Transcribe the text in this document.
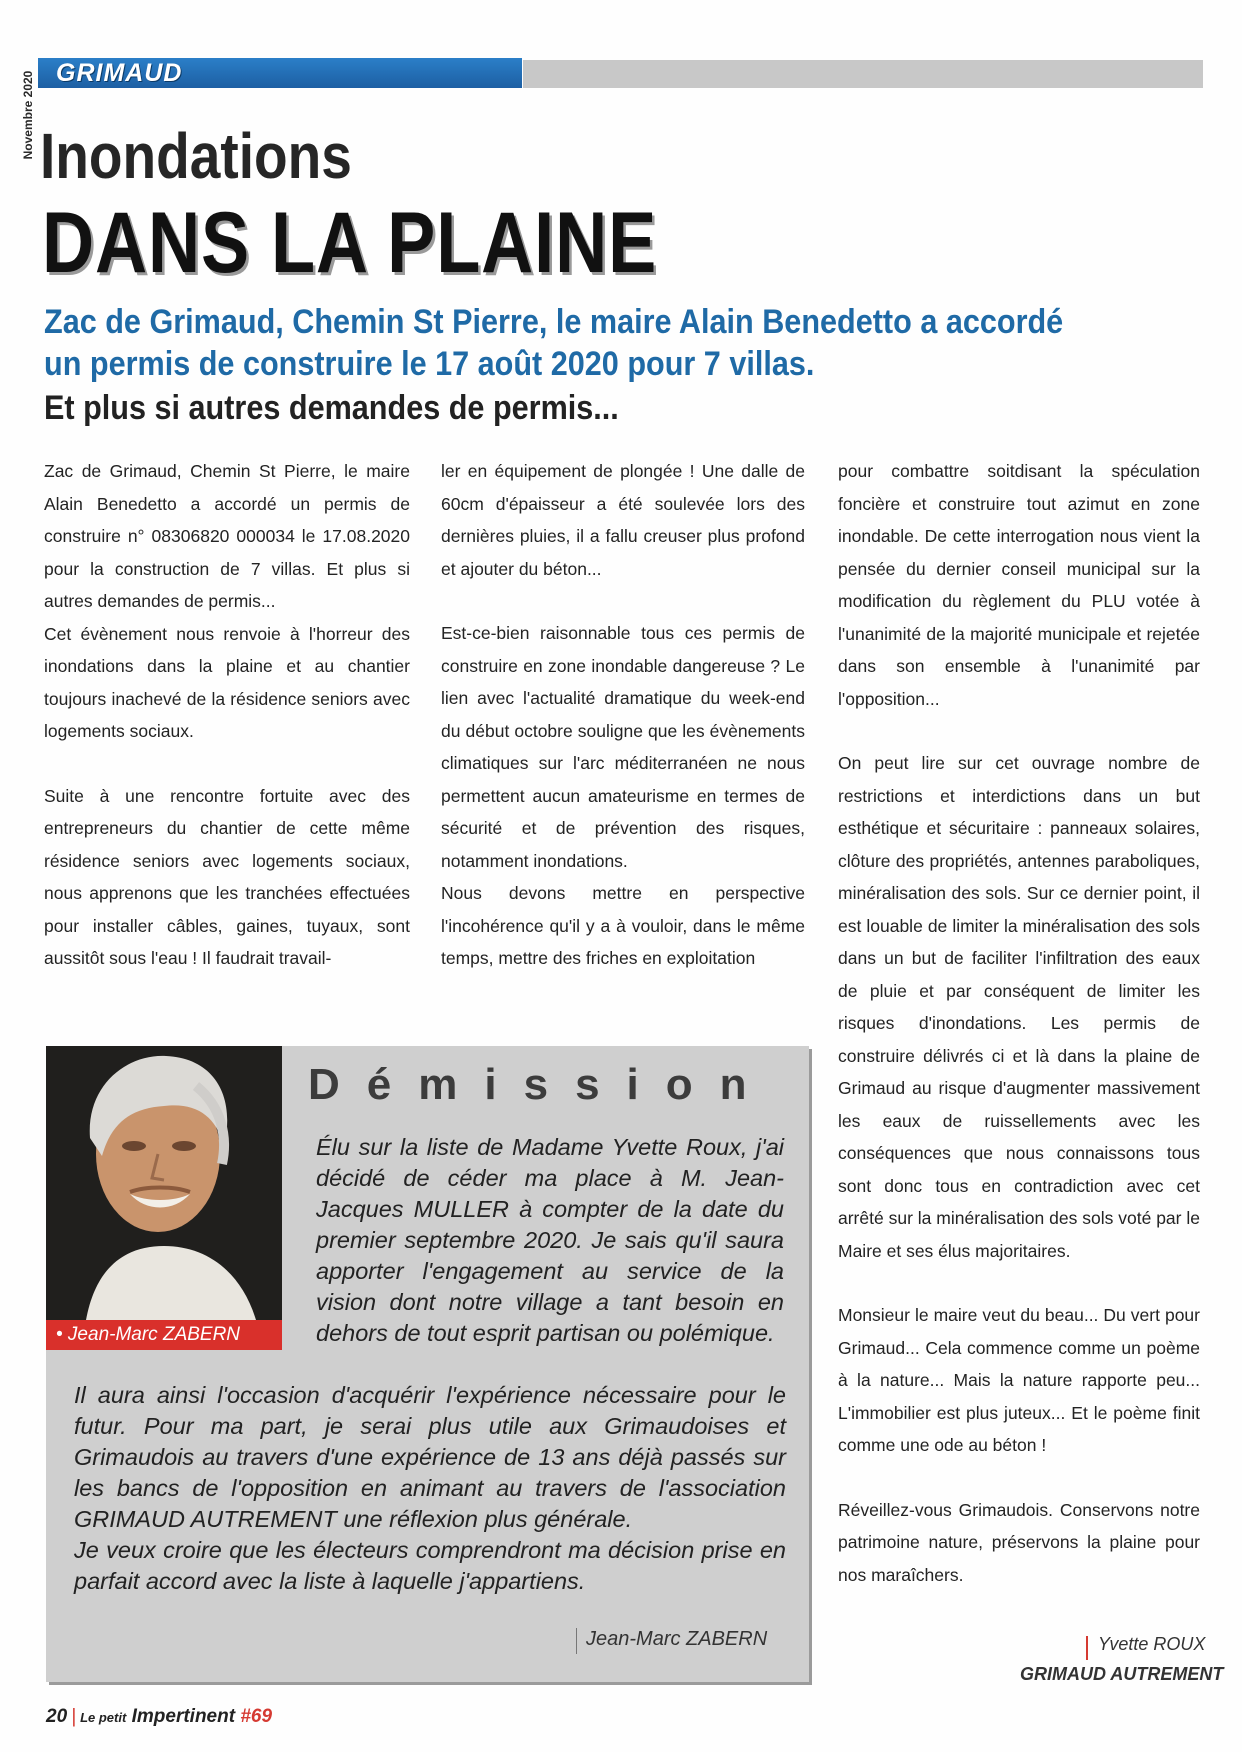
Novembre 2020 GRIMAUD
Inondations
DANS LA PLAINE
Zac de Grimaud, Chemin St Pierre, le maire Alain Benedetto a accordé
un permis de construire le 17 août 2020 pour 7 villas.
Et plus si autres demandes de permis...

Zac de Grimaud, Chemin St Pierre, le maire Alain Benedetto a accordé un permis de construire n° 08306820 000034 le 17.08.2020 pour la construction de 7 villas. Et plus si autres demandes de permis...

Cet évènement nous renvoie à l'horreur des inondations dans la plaine et au chantier toujours inachevé de la résidence seniors avec logements sociaux.

Suite à une rencontre fortuite avec des entrepreneurs du chantier de cette même résidence seniors avec logements sociaux, nous apprenons que les tranchées effectuées pour installer câbles, gaines, tuyaux, sont aussitôt sous l'eau ! Il faudrait travail-

ler en équipement de plongée ! Une dalle de 60cm d'épaisseur a été soulevée lors des dernières pluies, il a fallu creuser plus profond et ajouter du béton...

Est-ce-bien raisonnable tous ces permis de construire en zone inondable dangereuse ? Le lien avec l'actualité dramatique du week-end du début octobre souligne que les évènements climatiques sur l'arc méditerranéen ne nous permettent aucun amateurisme en termes de sécurité et de prévention des risques, notamment inondations.

Nous devons mettre en perspective l'incohérence qu'il y a à vouloir, dans le même temps, mettre des friches en exploitation

pour combattre soitdisant la spéculation foncière et construire tout azimut en zone inondable. De cette interrogation nous vient la pensée du dernier conseil municipal sur la modification du règlement du PLU votée à l'unanimité de la majorité municipale et rejetée dans son ensemble à l'unanimité par l'opposition...

On peut lire sur cet ouvrage nombre de restrictions et interdictions dans un but esthétique et sécuritaire : panneaux solaires, clôture des propriétés, antennes paraboliques, minéralisation des sols. Sur ce dernier point, il est louable de limiter la minéralisation des sols dans un but de faciliter l'infiltration des eaux de pluie et par conséquent de limiter les risques d'inondations. Les permis de construire délivrés ci et là dans la plaine de Grimaud au risque d'augmenter massivement les eaux de ruissellements avec les conséquences que nous connaissons tous sont donc tous en contradiction avec cet arrêté sur la minéralisation des sols voté par le Maire et ses élus majoritaires.

Monsieur le maire veut du beau... Du vert pour Grimaud... Cela commence comme un poème à la nature... Mais la nature rapporte peu... L'immobilier est plus juteux... Et le poème finit comme une ode au béton !

Réveillez-vous Grimaudois. Conservons notre patrimoine nature, préservons la plaine pour nos maraîchers.

• Jean-Marc ZABERN
Démission

Élu sur la liste de Madame Yvette Roux, j'ai décidé de céder ma place à M. Jean-Jacques MULLER à compter de la date du premier septembre 2020. Je sais qu'il saura apporter l'engagement au service de la vision dont notre village a tant besoin en dehors de tout esprit partisan ou polémique.

Il aura ainsi l'occasion d'acquérir l'expérience nécessaire pour le futur. Pour ma part, je serai plus utile aux Grimaudoises et Grimaudois au travers d'une expérience de 13 ans déjà passés sur les bancs de l'opposition en animant au travers de l'association GRIMAUD AUTREMENT une réflexion plus générale.

Je veux croire que les électeurs comprendront ma décision prise en parfait accord avec la liste à laquelle j'appartiens.

Jean-Marc ZABERN	Yvette ROUX
GRIMAUD AUTREMENT
20 | Le petit Impertinent #69
